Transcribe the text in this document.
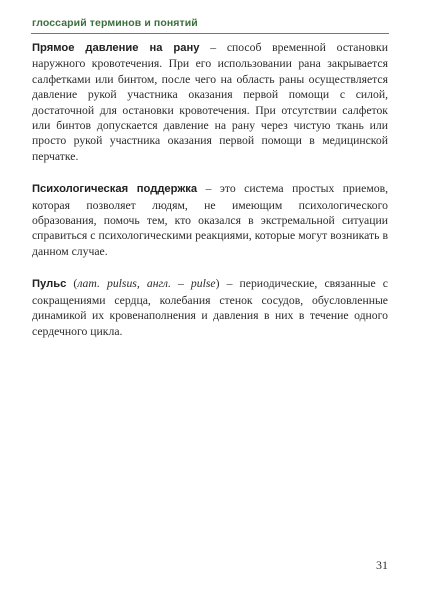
глоссарий терминов и понятий

Прямое давление на рану – способ временной остановки наружного кровотечения. При его использовании рана закрывается салфетками или бинтом, после чего на область раны осуществляется давление рукой участника оказания первой помощи с силой, достаточной для остановки кровотечения. При отсутствии салфеток или бинтов допускается давление на рану через чистую ткань или просто рукой участника оказания первой помощи в медицинской перчатке.

Психологическая поддержка – это система простых приемов, которая позволяет людям, не имеющим психологического образования, помочь тем, кто оказался в экстремальной ситуации справиться с психологическими реакциями, которые могут возникать в данном случае.

Пульс (лат. pulsus, англ. – pulse) – периодические, связанные с сокращениями сердца, колебания стенок сосудов, обусловленные динамикой их кровенаполнения и давления в них в течение одного сердечного цикла.

31
